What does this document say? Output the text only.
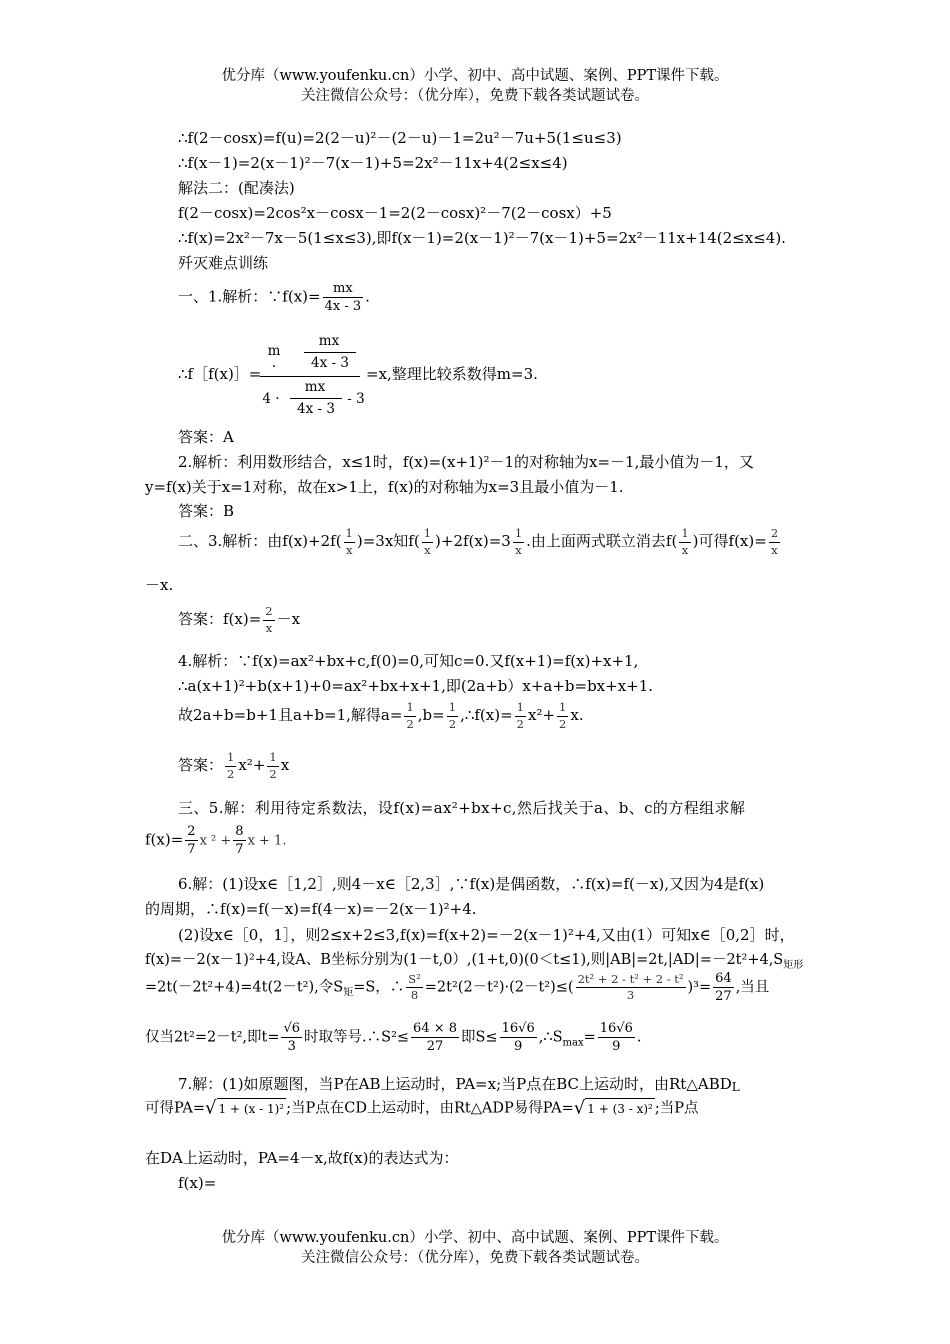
优分库（www.youfenku.cn）小学、初中、高中试题、案例、PPT课件下载。
关注微信公众号：（优分库），免费下载各类试题试卷。
∴f(2－cosx)=f(u)=2(2－u)²－(2－u)－1=2u²－7u+5(1≤u≤3)
∴f(x－1)=2(x－1)²－7(x－1)+5=2x²－11x+4(2≤x≤4)
解法二：(配凑法)
f(2－cosx)=2cos²x－cosx－1=2(2－cosx)²－7(2－cosx）+5
∴f(x)=2x²－7x－5(1≤x≤3),即f(x－1)=2(x－1)²－7(x－1)+5=2x²－11x+14(2≤x≤4).
歼灭难点训练
一、1.解析：∵f(x)= $\frac{mx}{4x - 3}$ .
∴f［f(x)］=
m ·
mx
4x - 3
4 ·
mx
4x - 3
- 3
=x,整理比较系数得m=3.
答案：A
2.解析：利用数形结合，x≤1时，f(x)=(x+1)²－1的对称轴为x=－1,最小值为－1，又
y=f(x)关于x=1对称，故在x>1上，f(x)的对称轴为x=3且最小值为－1.
答案：B
二、3.解析：由$f(x)+2f( \frac{1}{x} )=3x$知$f( \frac{1}{x} )+2f(x)=3 \frac{1}{x}$ .由上面两式联立消去$f( \frac{1}{x}$ )可得$f(x)= \frac{2}{x}$
－x.
答案：$f(x)= \frac{2}{x} -x$
4.解析：∵f(x)=ax²+bx+c,f(0)=0,可知c=0.又f(x+1)=f(x)+x+1,
∴a(x+1)²+b(x+1)+0=ax²+bx+x+1,即(2a+b）x+a+b=bx+x+1.
故2a+b=b+1且a+b=1,解得$a= \frac{1}{2} ,b= \frac{1}{2}$ ,∴f(x)= $\frac{1}{2} x^2+ \frac{1}{2} x$.
答案： $\frac{1}{2} x^2+ \frac{1}{2}$ x
三、5.解：利用待定系数法，设f(x)=ax²+bx+c,然后找关于a、b、c的方程组求解
$f(x)= \frac{2}{7}$ x $^2 + \frac{8}{7}$ x + 1.
6.解：(1)设x∈［1,2］,则4－x∈［2,3］,∵f(x)是偶函数，∴f(x)=f(－x),又因为4是f(x)
的周期，∴f(x)=f(－x)=f(4－x)=－2(x－1)²+4.
(2)设x∈［0，1］，则2≤x+2≤3,f(x)=f(x+2)=－2(x－1)²+4,又由(1）可知x∈［0,2］时，
f(x)=－2(x－1)²+4,设A、B坐标分别为(1－t,0）,(1+t,0)(0＜t≤1),则$|AB|=2t,|AD|=-2t^2+4,S_{矩形}$
=2t(－2t²+4)=4t(2－t²),令$S_矩=S$，∴ $\frac{\text{S²}}{8} =2t^2(2-t^2)\cdot(2-t^2)\le( \frac{\text{2t² + 2 - t² + 2 - t²}}{3} )^3= \frac{64}{27}$ ,当且
仅当2t²=2－t²,即$t= \frac{√6}{3}$ 时取等号.∴S²≤ $\frac{64 \times 8}{27}$ 即$S\le \frac{16√6}{9}$ $,\therefore S_{max}= \frac{16√6}{9}$ .
7.解：(1)如原题图，当P在AB上运动时，PA=x;当P点在BC上运动时，由Rt△ABDL
可得PA=√ 1 + (x - 1)² ;当P点在CD上运动时，由Rt△ADP易得PA=√ 1 + (3 - x)² ;当P点
在DA上运动时，PA=4－x,故f(x)的表达式为：
f(x)=
优分库（www.youfenku.cn）小学、初中、高中试题、案例、PPT课件下载。
关注微信公众号：（优分库），免费下载各类试题试卷。
